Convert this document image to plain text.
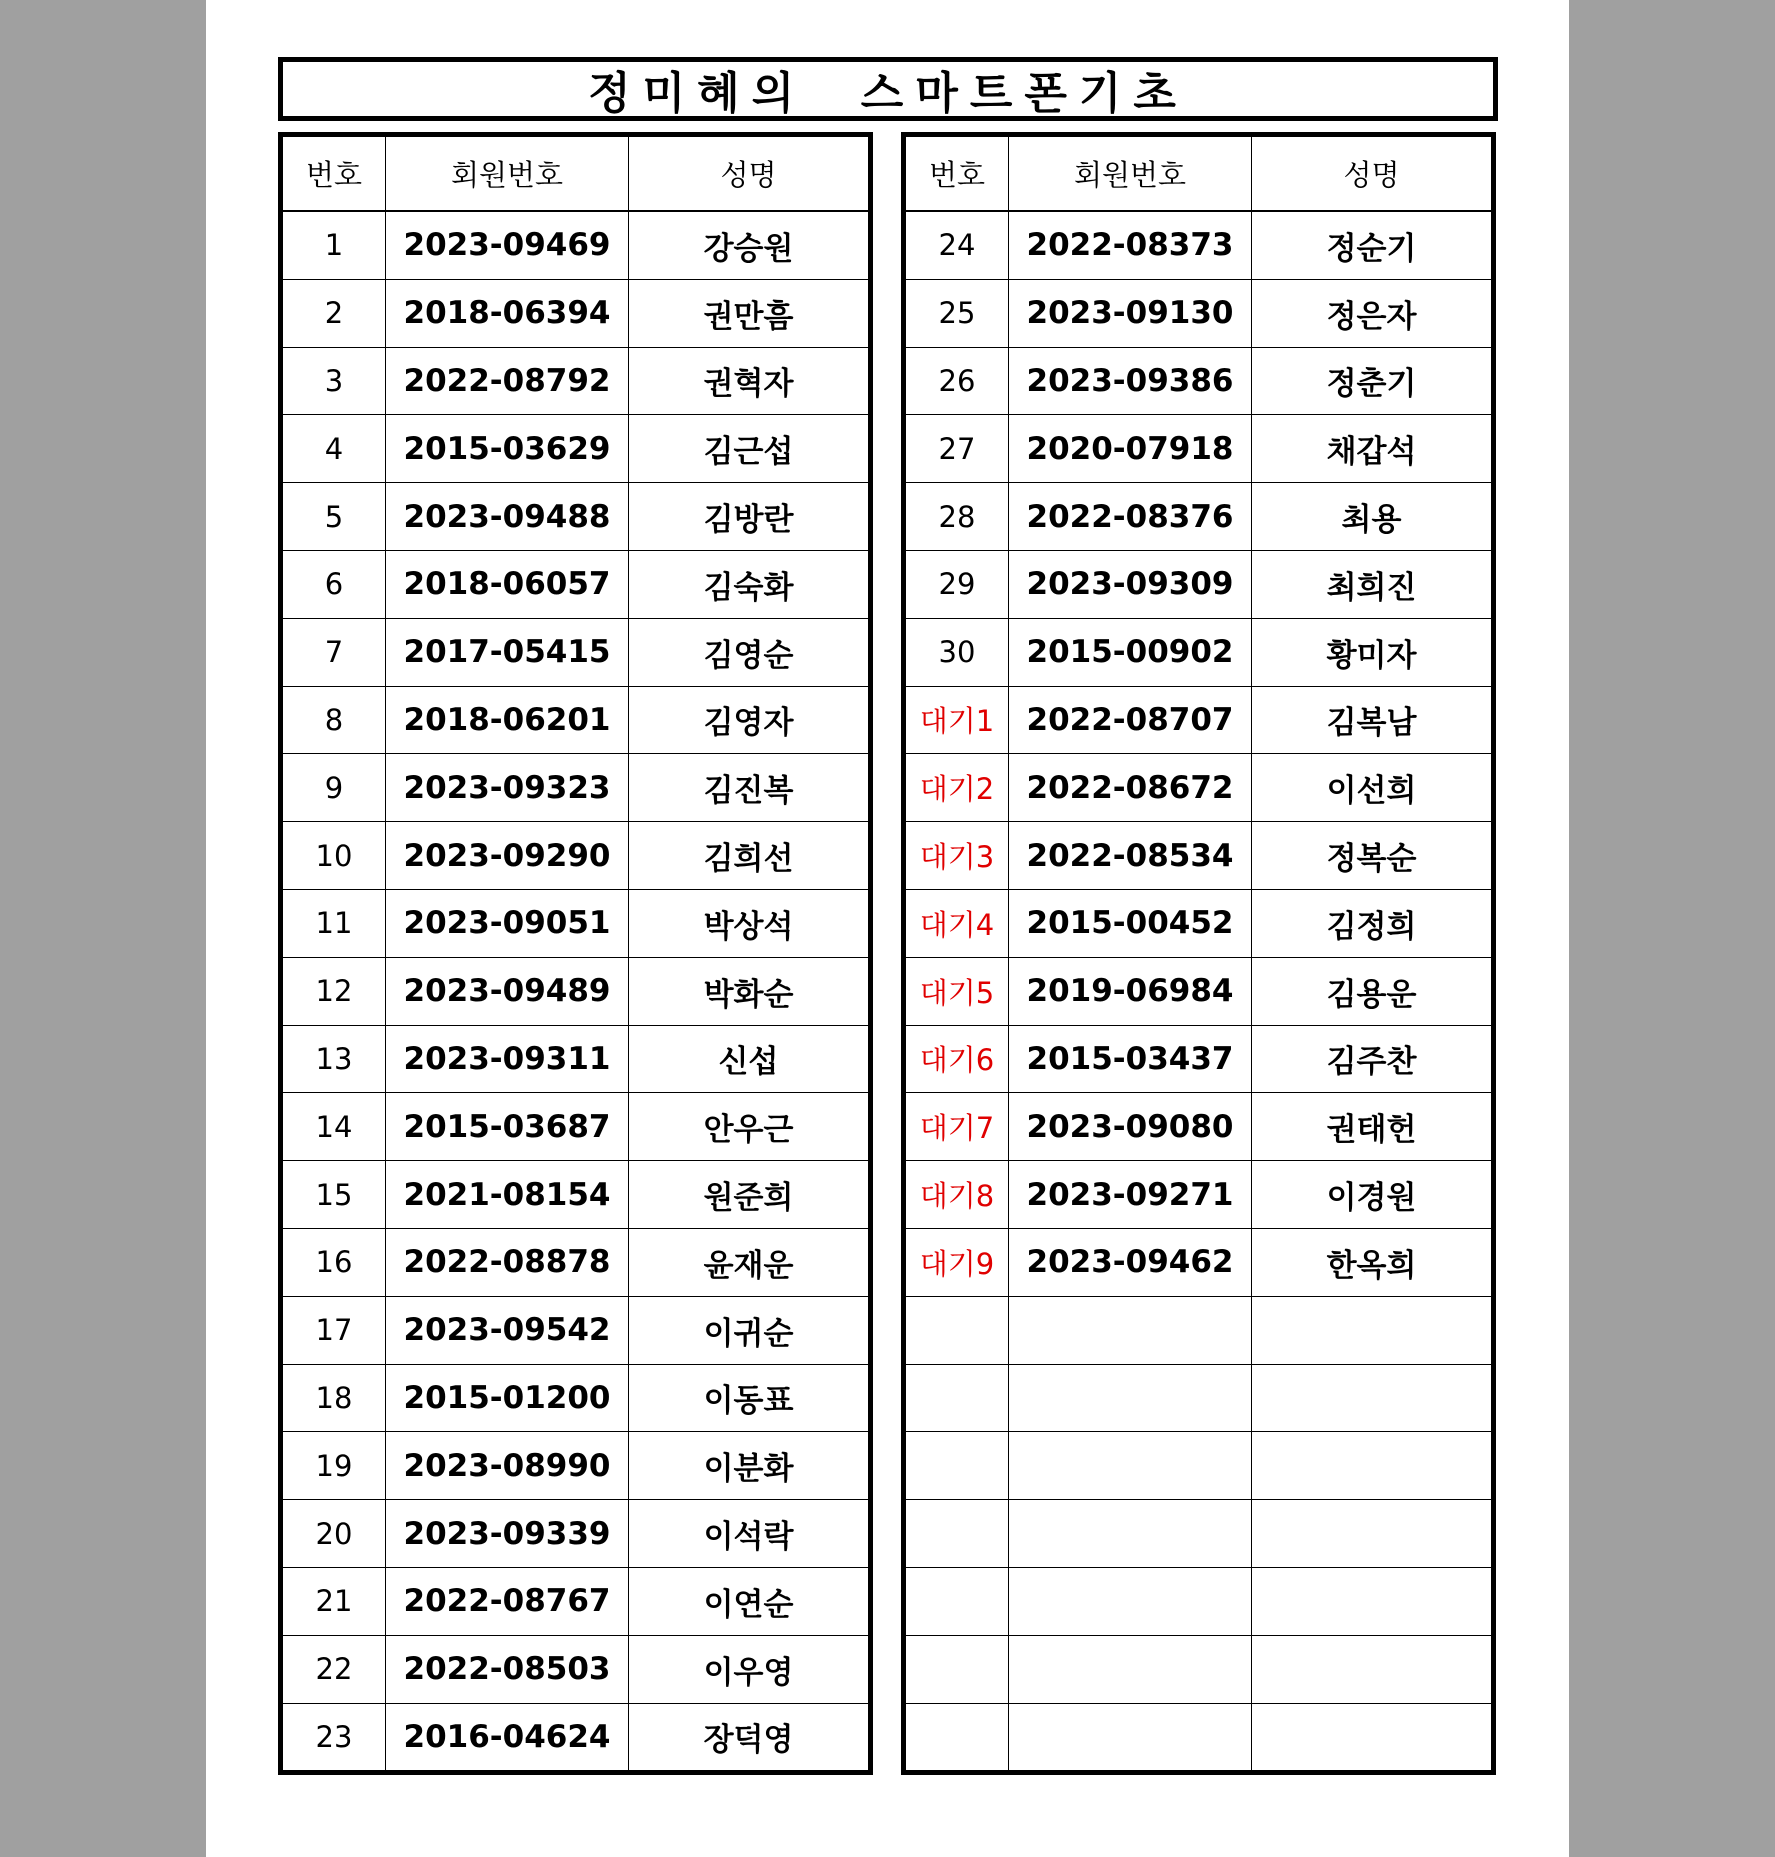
정미혜의  스마트폰기초
번호	회원번호	성명
1	2023-09469	강승원
2	2018-06394	권만흠
3	2022-08792	권혁자
4	2015-03629	김근섭
5	2023-09488	김방란
6	2018-06057	김숙화
7	2017-05415	김영순
8	2018-06201	김영자
9	2023-09323	김진복
10	2023-09290	김희선
11	2023-09051	박상석
12	2023-09489	박화순
13	2023-09311	신섭
14	2015-03687	안우근
15	2021-08154	원준희
16	2022-08878	윤재운
17	2023-09542	이귀순
18	2015-01200	이동표
19	2023-08990	이분화
20	2023-09339	이석락
21	2022-08767	이연순
22	2022-08503	이우영
23	2016-04624	장덕영
번호	회원번호	성명
24	2022-08373	정순기
25	2023-09130	정은자
26	2023-09386	정춘기
27	2020-07918	채갑석
28	2022-08376	최용
29	2023-09309	최희진
30	2015-00902	황미자
대기1	2022-08707	김복남
대기2	2022-08672	이선희
대기3	2022-08534	정복순
대기4	2015-00452	김정희
대기5	2019-06984	김용운
대기6	2015-03437	김주찬
대기7	2023-09080	권태헌
대기8	2023-09271	이경원
대기9	2023-09462	한옥희
